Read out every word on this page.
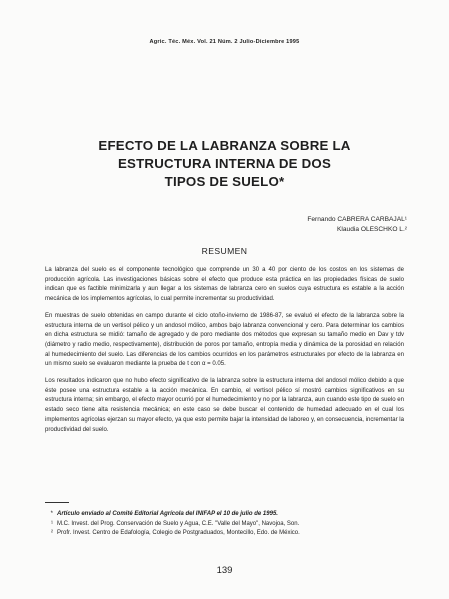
Agric. Téc. Méx. Vol. 21 Núm. 2 Julio-Diciembre 1995
EFECTO DE LA LABRANZA SOBRE LA
ESTRUCTURA INTERNA DE DOS
TIPOS DE SUELO*
Fernando CABRERA CARBAJAL¹
Klaudia OLESCHKO L.²
RESUMEN

La labranza del suelo es el componente tecnológico que comprende un 30 a 40 por ciento de los costos en los sistemas de producción agrícola. Las investigaciones básicas sobre el efecto que produce esta práctica en las propiedades físicas de suelo indican que es factible minimizarla y aun llegar a los sistemas de labranza cero en suelos cuya estructura es estable a la acción mecánica de los implementos agrícolas, lo cual permite incrementar su productividad.

En muestras de suelo obtenidas en campo durante el ciclo otoño-invierno de 1986-87, se evaluó el efecto de la labranza sobre la estructura interna de un vertisol pélico y un andosol mólico, ambos bajo labranza convencional y cero. Para determinar los cambios en dicha estructura se midió: tamaño de agregado y de poro mediante dos métodos que expresan su tamaño medio en Dav y tdv (diámetro y radio medio, respectivamente), distribución de poros por tamaño, entropía media y dinámica de la porosidad en relación al humedecimiento del suelo. Las diferencias de los cambios ocurridos en los parámetros estructurales por efecto de la labranza en un mismo suelo se evaluaron mediante la prueba de t con α = 0.05.

Los resultados indicaron que no hubo efecto significativo de la labranza sobre la estructura interna del andosol mólico debido a que éste posee una estructura estable a la acción mecánica. En cambio, el vertisol pélico sí mostró cambios significativos en su estructura interna; sin embargo, el efecto mayor ocurrió por el humedecimiento y no por la labranza, aun cuando este tipo de suelo en estado seco tiene alta resistencia mecánica; en este caso se debe buscar el contenido de humedad adecuado en el cual los implementos agrícolas ejerzan su mayor efecto, ya que esto permite bajar la intensidad de laboreo y, en consecuencia, incrementar la productividad del suelo.

* Artículo enviado al Comité Editorial Agrícola del INIFAP el 10 de julio de 1995.
¹ M.C. Invest. del Prog. Conservación de Suelo y Agua, C.E. "Valle del Mayo", Navojoa, Son.
² Profr. Invest. Centro de Edafología, Colegio de Postgraduados, Montecillo, Edo. de México.
139
